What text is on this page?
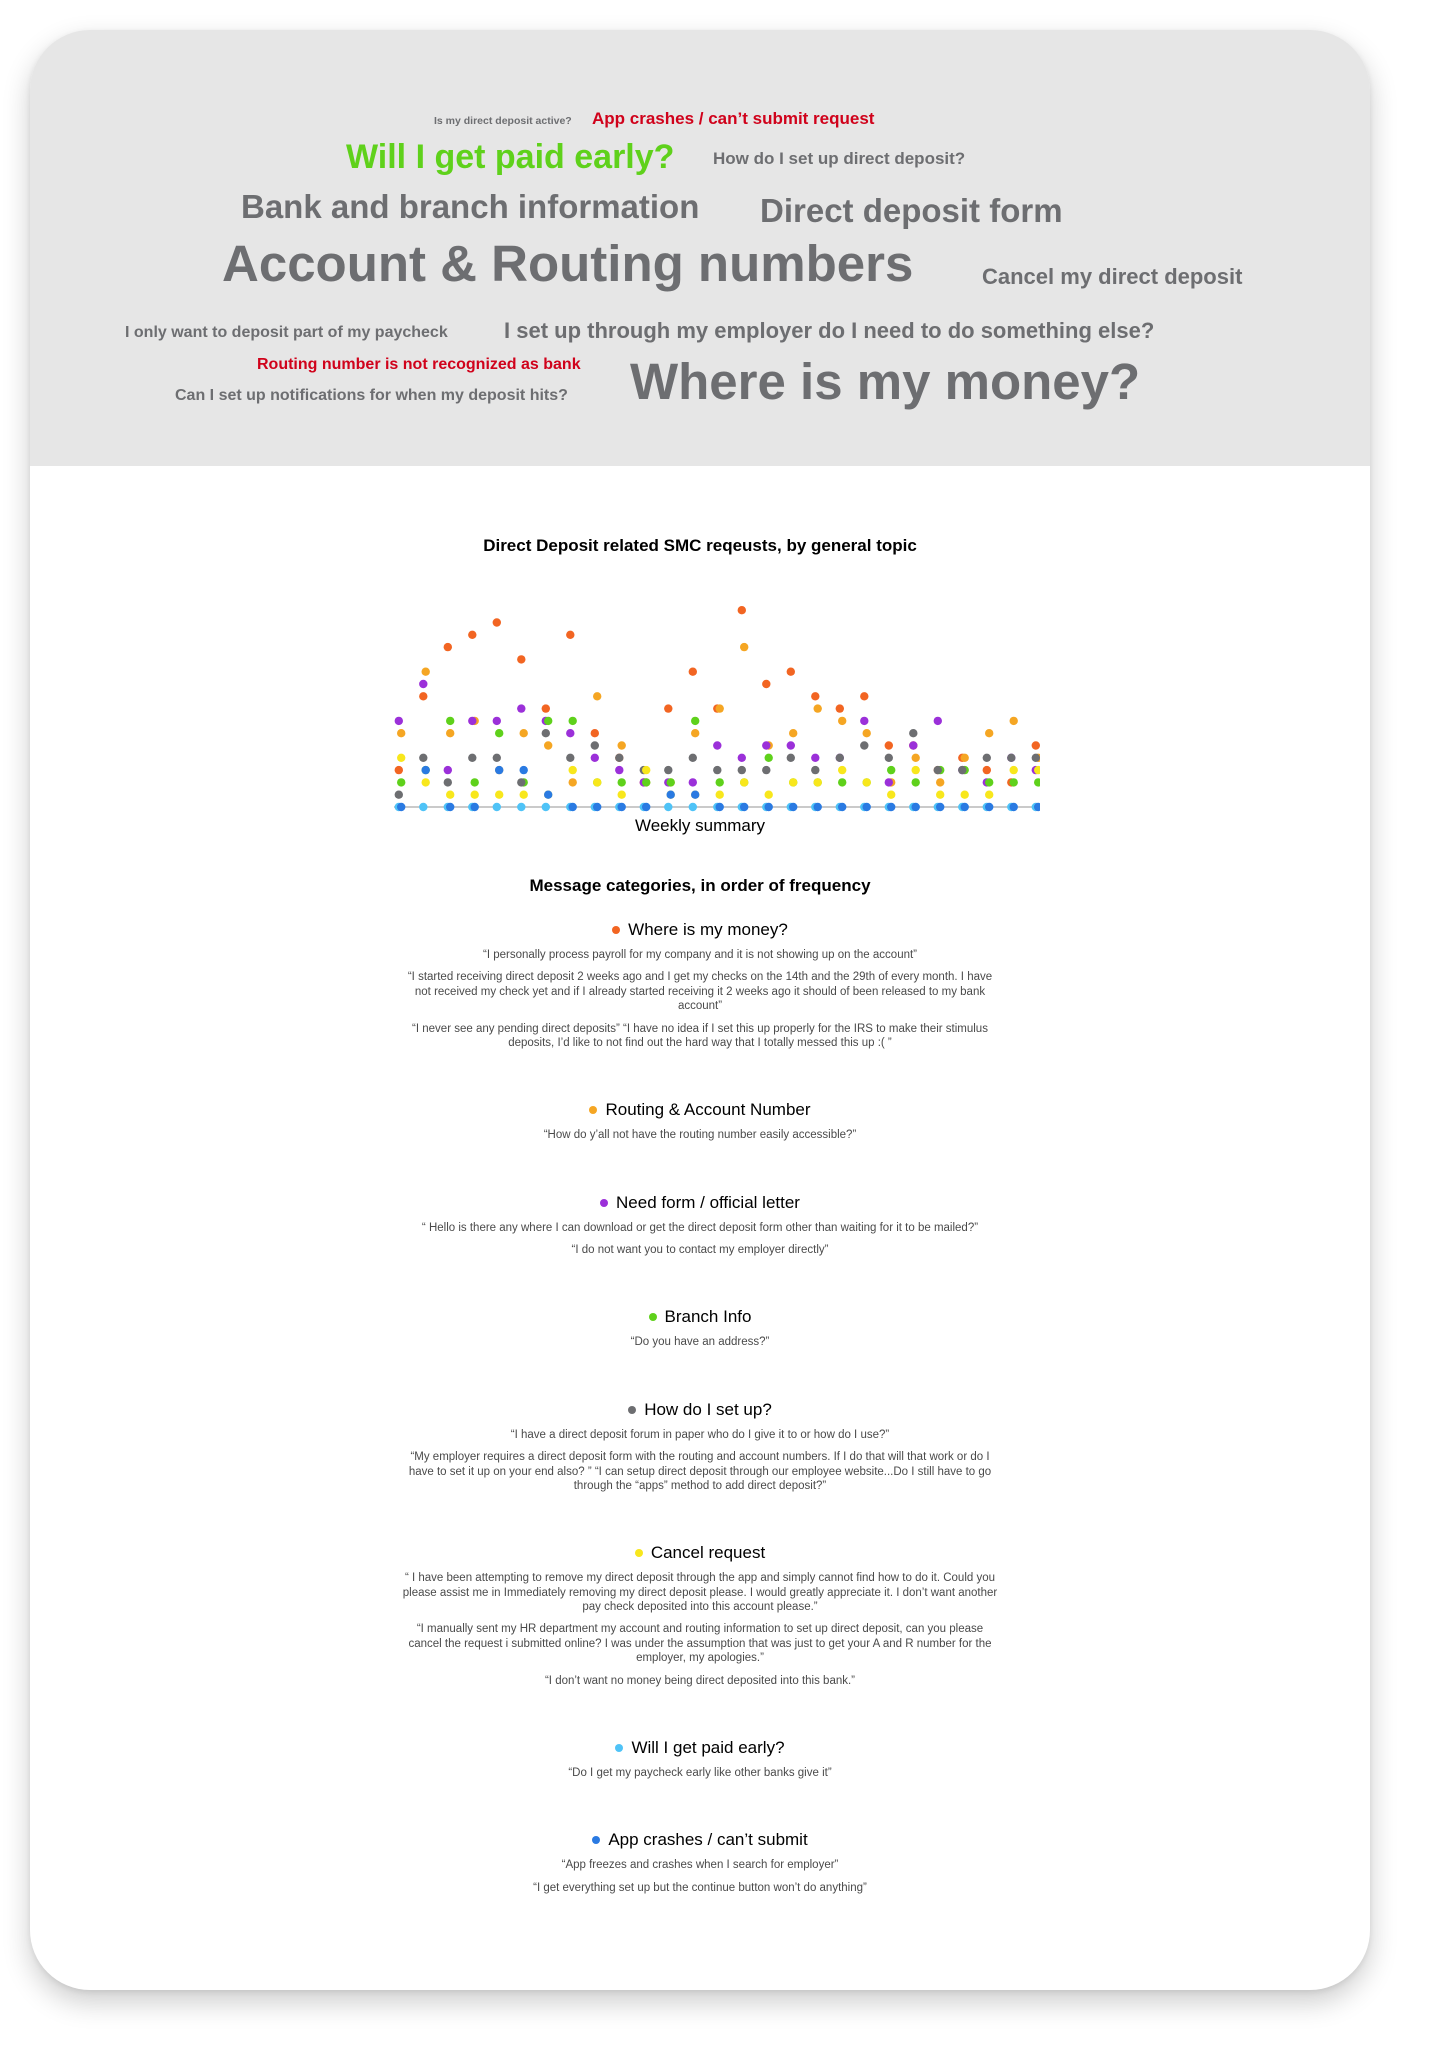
Is my direct deposit active? App crashes / can’t submit request
Will I get paid early? How do I set up direct deposit?
Bank and branch information Direct deposit form
Account & Routing numbers	Cancel my direct deposit
I only want to deposit part of my paycheck	I set up through my employer do I need to do something else?
Routing number is not recognized as bank
Can I set up notifications for when my deposit hits? Where is my money?
Direct Deposit related SMC reqeusts, by general topic
Weekly summary
Message categories, in order of frequency
Where is my money?

“I personally process payroll for my company and it is not showing up on the account”

“I started receiving direct deposit 2 weeks ago and I get my checks on the 14th and the 29th of every month. I have not received my check yet and if I already started receiving it 2 weeks ago it should of been released to my bank account”

“I never see any pending direct deposits” “I have no idea if I set this up properly for the IRS to make their stimulus deposits, I’d like to not find out the hard way that I totally messed this up :( ”

Routing & Account Number

“How do y’all not have the routing number easily accessible?”

Need form / official letter

“ Hello is there any where I can download or get the direct deposit form other than waiting for it to be mailed?”

“I do not want you to contact my employer directly”

Branch Info

“Do you have an address?”

How do I set up?

“I have a direct deposit forum in paper who do I give it to or how do I use?”

“My employer requires a direct deposit form with the routing and account numbers. If I do that will that work or do I have to set it up on your end also? ” “I can setup direct deposit through our employee website...Do I still have to go through the “apps” method to add direct deposit?”

Cancel request

“ I have been attempting to remove my direct deposit through the app and simply cannot find how to do it. Could you please assist me in Immediately removing my direct deposit please. I would greatly appreciate it. I don’t want another pay check deposited into this account please.”

“I manually sent my HR department my account and routing information to set up direct deposit, can you please cancel the request i submitted online? I was under the assumption that was just to get your A and R number for the employer, my apologies.”

“I don’t want no money being direct deposited into this bank.”

Will I get paid early?

“Do I get my paycheck early like other banks give it”

App crashes / can’t submit

“App freezes and crashes when I search for employer”

“I get everything set up but the continue button won’t do anything”
